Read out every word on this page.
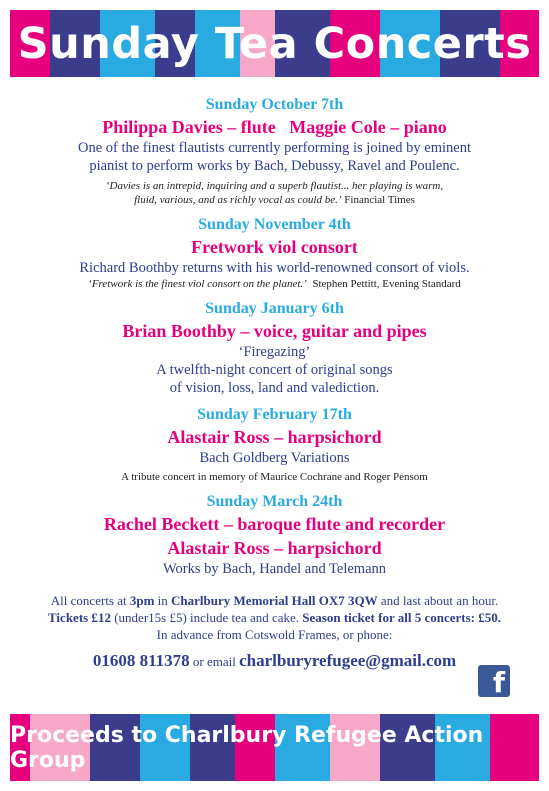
Sunday Tea Concerts

Sunday October 7th

Philippa Davies – flute   Maggie Cole – piano

One of the finest flautists currently performing is joined by eminent

pianist to perform works by Bach, Debussy, Ravel and Poulenc.

‘Davies is an intrepid, inquiring and a superb flautist... her playing is warm,

fluid, various, and as richly vocal as could be.’ Financial Times

Sunday November 4th

Fretwork viol consort

Richard Boothby returns with his world-renowned consort of viols.

‘Fretwork is the finest viol consort on the planet.’ Stephen Pettitt, Evening Standard

Sunday January 6th

Brian Boothby – voice, guitar and pipes

‘Firegazing’

A twelfth-night concert of original songs

of vision, loss, land and valediction.

Sunday February 17th

Alastair Ross – harpsichord

Bach Goldberg Variations

A tribute concert in memory of Maurice Cochrane and Roger Pensom

Sunday March 24th

Rachel Beckett – baroque flute and recorder

Alastair Ross – harpsichord

Works by Bach, Handel and Telemann

All concerts at 3pm in Charlbury Memorial Hall OX7 3QW and last about an hour.

Tickets £12 (under15s £5) include tea and cake. Season ticket for all 5 concerts: £50.

In advance from Cotswold Frames, or phone:

01608 811378 or email charlburyrefugee@gmail.com

f
Proceeds to Charlbury Refugee Action Group
